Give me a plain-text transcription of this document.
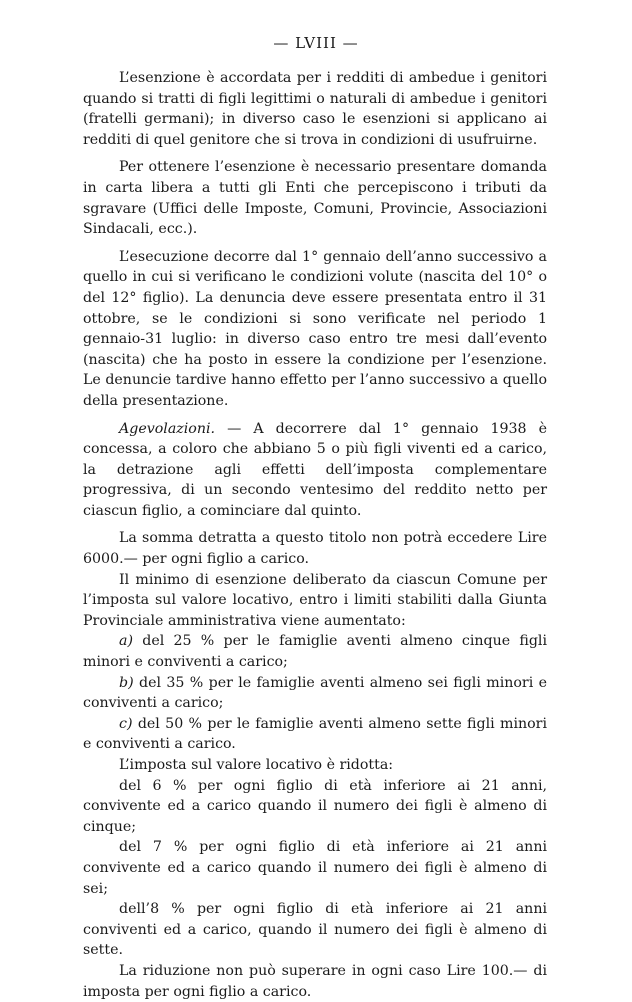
— LVIII —

L’esenzione è accordata per i redditi di ambedue i genitori quando si tratti di figli legittimi o naturali di ambedue i genitori (fratelli germani); in diverso caso le esenzioni si applicano ai redditi di quel genitore che si trova in condizioni di usufruirne.

Per ottenere l’esenzione è necessario presentare domanda in carta libera a tutti gli Enti che percepiscono i tributi da sgravare (Uffici delle Imposte, Comuni, Provincie, Associazioni Sindacali, ecc.).

L’esecuzione decorre dal 1° gennaio dell’anno successivo a quello in cui si verificano le condizioni volute (nascita del 10° o del 12° figlio). La denuncia deve essere presentata entro il 31 ottobre, se le condizioni si sono verificate nel periodo 1 gennaio-31 luglio: in diverso caso entro tre mesi dall’evento (nascita) che ha posto in essere la condizione per l’esenzione. Le denuncie tardive hanno effetto per l’anno successivo a quello della presentazione.

Agevolazioni. — A decorrere dal 1° gennaio 1938 è concessa, a coloro che abbiano 5 o più figli viventi ed a carico, la detrazione agli effetti dell’imposta complementare progressiva, di un secondo ventesimo del reddito netto per ciascun figlio, a cominciare dal quinto.

La somma detratta a questo titolo non potrà eccedere Lire 6000.— per ogni figlio a carico.

Il minimo di esenzione deliberato da ciascun Comune per l’imposta sul valore locativo, entro i limiti stabiliti dalla Giunta Provinciale amministrativa viene aumentato:

a) del 25 % per le famiglie aventi almeno cinque figli minori e conviventi a carico;

b) del 35 % per le famiglie aventi almeno sei figli minori e conviventi a carico;

c) del 50 % per le famiglie aventi almeno sette figli minori e conviventi a carico.

L’imposta sul valore locativo è ridotta:

del 6 % per ogni figlio di età inferiore ai 21 anni, convivente ed a carico quando il numero dei figli è almeno di cinque;

del 7 % per ogni figlio di età inferiore ai 21 anni convivente ed a carico quando il numero dei figli è almeno di sei;

dell’8 % per ogni figlio di età inferiore ai 21 anni conviventi ed a carico, quando il numero dei figli è almeno di sette.

La riduzione non può superare in ogni caso Lire 100.— di imposta per ogni figlio a carico.
